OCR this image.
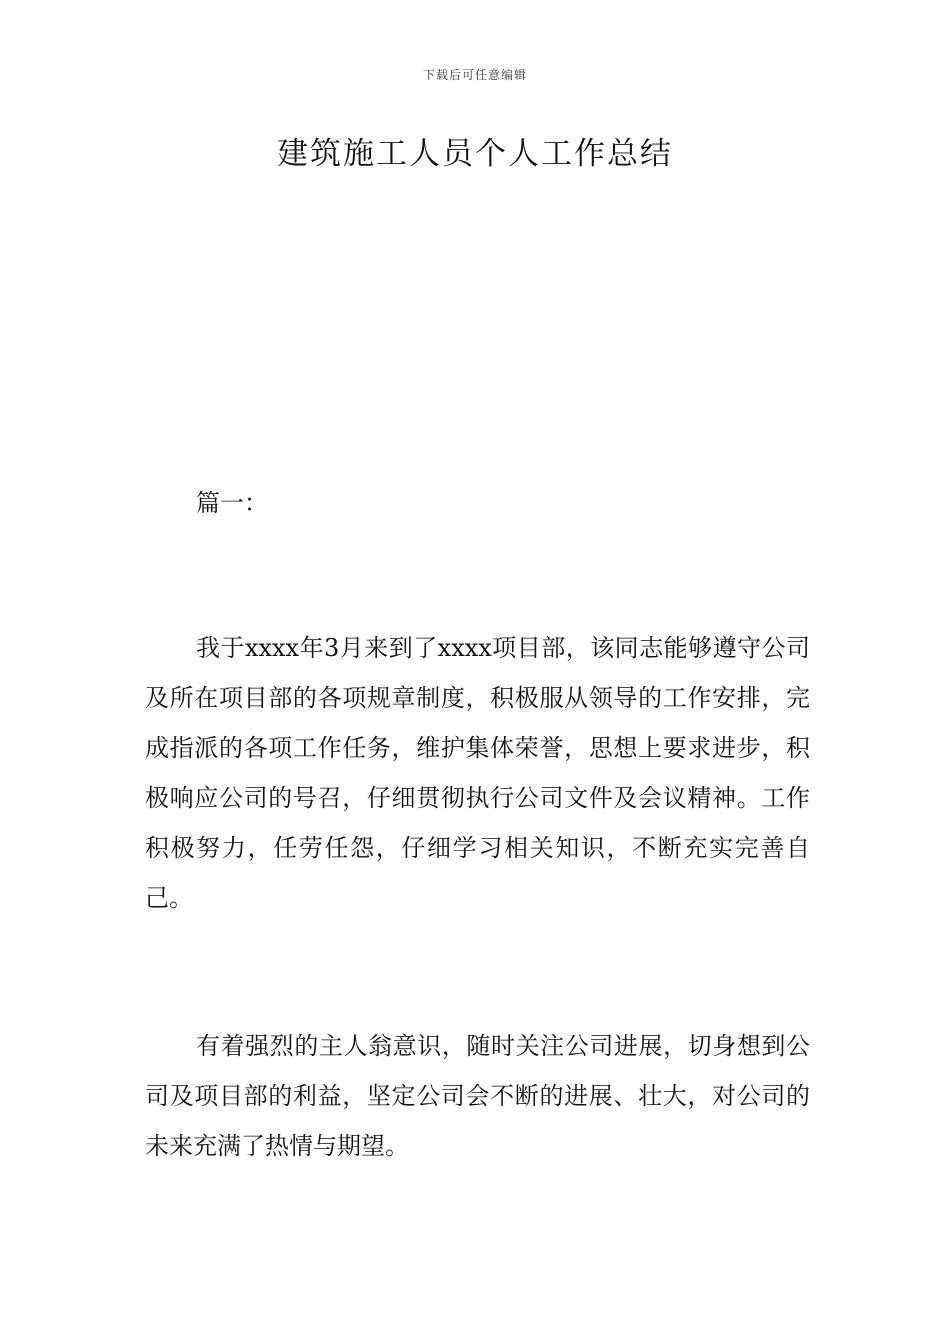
下载后可任意编辑
建筑施工人员个人工作总结
篇一：

我于xxxx年3月来到了xxxx项目部，该同志能够遵守公司及所在项目部的各项规章制度，积极服从领导的工作安排，完成指派的各项工作任务，维护集体荣誉，思想上要求进步，积极响应公司的号召，仔细贯彻执行公司文件及会议精神。工作积极努力，任劳任怨，仔细学习相关知识，不断充实完善自己。

有着强烈的主人翁意识，随时关注公司进展，切身想到公司及项目部的利益，坚定公司会不断的进展、壮大，对公司的未来充满了热情与期望。
